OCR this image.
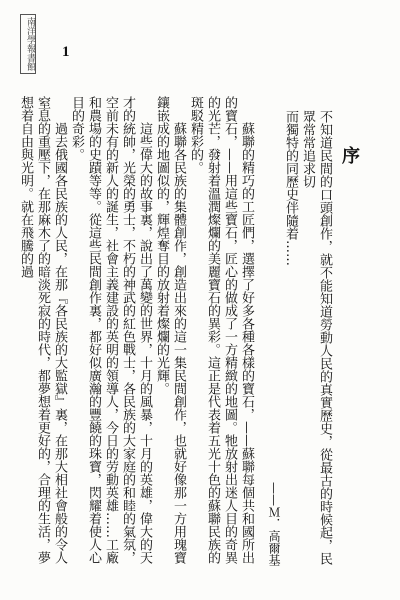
南洋學報書館 1
序

不知道民間的口頭創作，就不能知道勞動人民的真實歷史，從最古的時候起，民眾常常追求切

而獨特的同歷史伴隨着……

——Ｍ．高爾基

蘇聯的精巧的工匠們，選擇了好多各種各樣的寶石，——蘇聯每個共和國所出的寶石，——用這些寶石，匠心的做成了一方精緻的地圖。牠放射出迷人目的奇異的光芒，發射着溫潤燦爛的美麗寶石的異彩。這正是代表着五光十色的蘇聯民族的斑駁精彩的。

蘇聯各民族的集體創作，創造出來的這一集民間創作，也就好像那一方用瑰寶鑲嵌成的地圖似的，輝煌奪目的放射着燦爛的光輝。

這些偉大的故事裏，說出了萬變的世界，十月的風暴，十月的英雄，偉大的天才的統帥，光榮的勇士，不朽的神武的紅色戰士，各民族的大家庭的和睦的氣氛，空前未有的新人的誕生，社會主義建設的英明的領導人，今日的劳動英雄……工廠和農場的史蹟等等。從這些民間創作裏，都好似廣瀚的豐饒的珠寶，閃耀着使人心目的奇彩。

過去俄國各民族的人民，在那『各民族的大監獄』裏，在那大相社會般的令人窒息的重壓下，在那麻木了的暗淡死寂的時代，都夢想着更好的，合理的生活，夢想着自由與光明。就在飛騰的過
